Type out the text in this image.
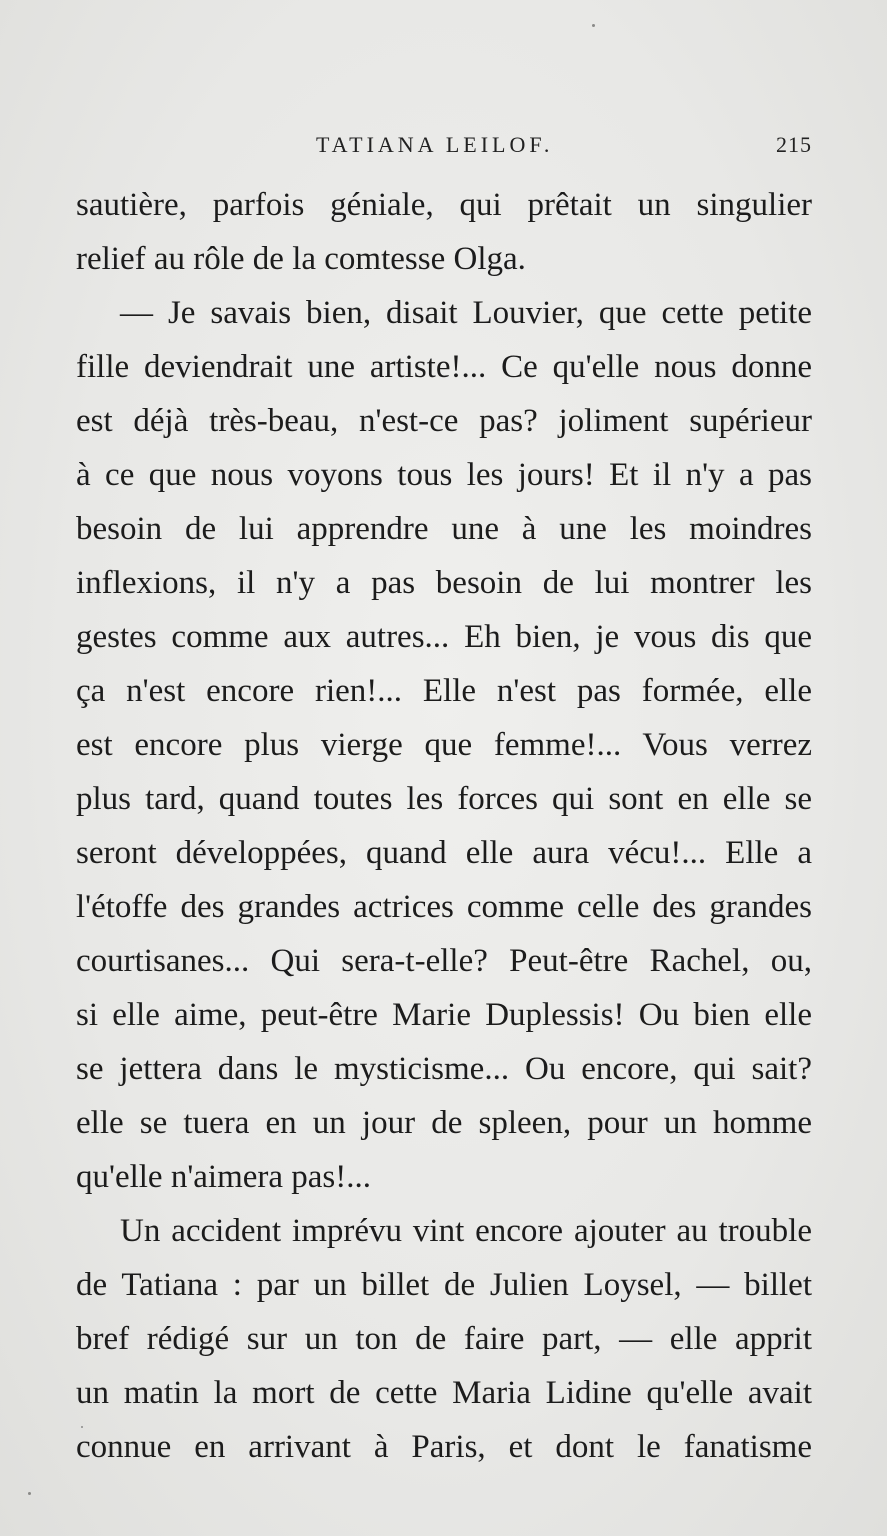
TATIANA LEILOF.	215
sautière, parfois géniale, qui prêtait un singulier
relief au rôle de la comtesse Olga.
— Je savais bien, disait Louvier, que cette petite
fille deviendrait une artiste!... Ce qu'elle nous donne
est déjà très-beau, n'est-ce pas? joliment supérieur
à ce que nous voyons tous les jours! Et il n'y a pas
besoin de lui apprendre une à une les moindres
inflexions, il n'y a pas besoin de lui montrer les
gestes comme aux autres... Eh bien, je vous dis que
ça n'est encore rien!... Elle n'est pas formée, elle
est encore plus vierge que femme!... Vous verrez
plus tard, quand toutes les forces qui sont en elle se
seront développées, quand elle aura vécu!... Elle a
l'étoffe des grandes actrices comme celle des grandes
courtisanes... Qui sera-t-elle? Peut-être Rachel, ou,
si elle aime, peut-être Marie Duplessis! Ou bien elle
se jettera dans le mysticisme... Ou encore, qui sait?
elle se tuera en un jour de spleen, pour un homme
qu'elle n'aimera pas!...
Un accident imprévu vint encore ajouter au trouble
de Tatiana : par un billet de Julien Loysel, — billet
bref rédigé sur un ton de faire part, — elle apprit
un matin la mort de cette Maria Lidine qu'elle avait
connue en arrivant à Paris, et dont le fanatisme
